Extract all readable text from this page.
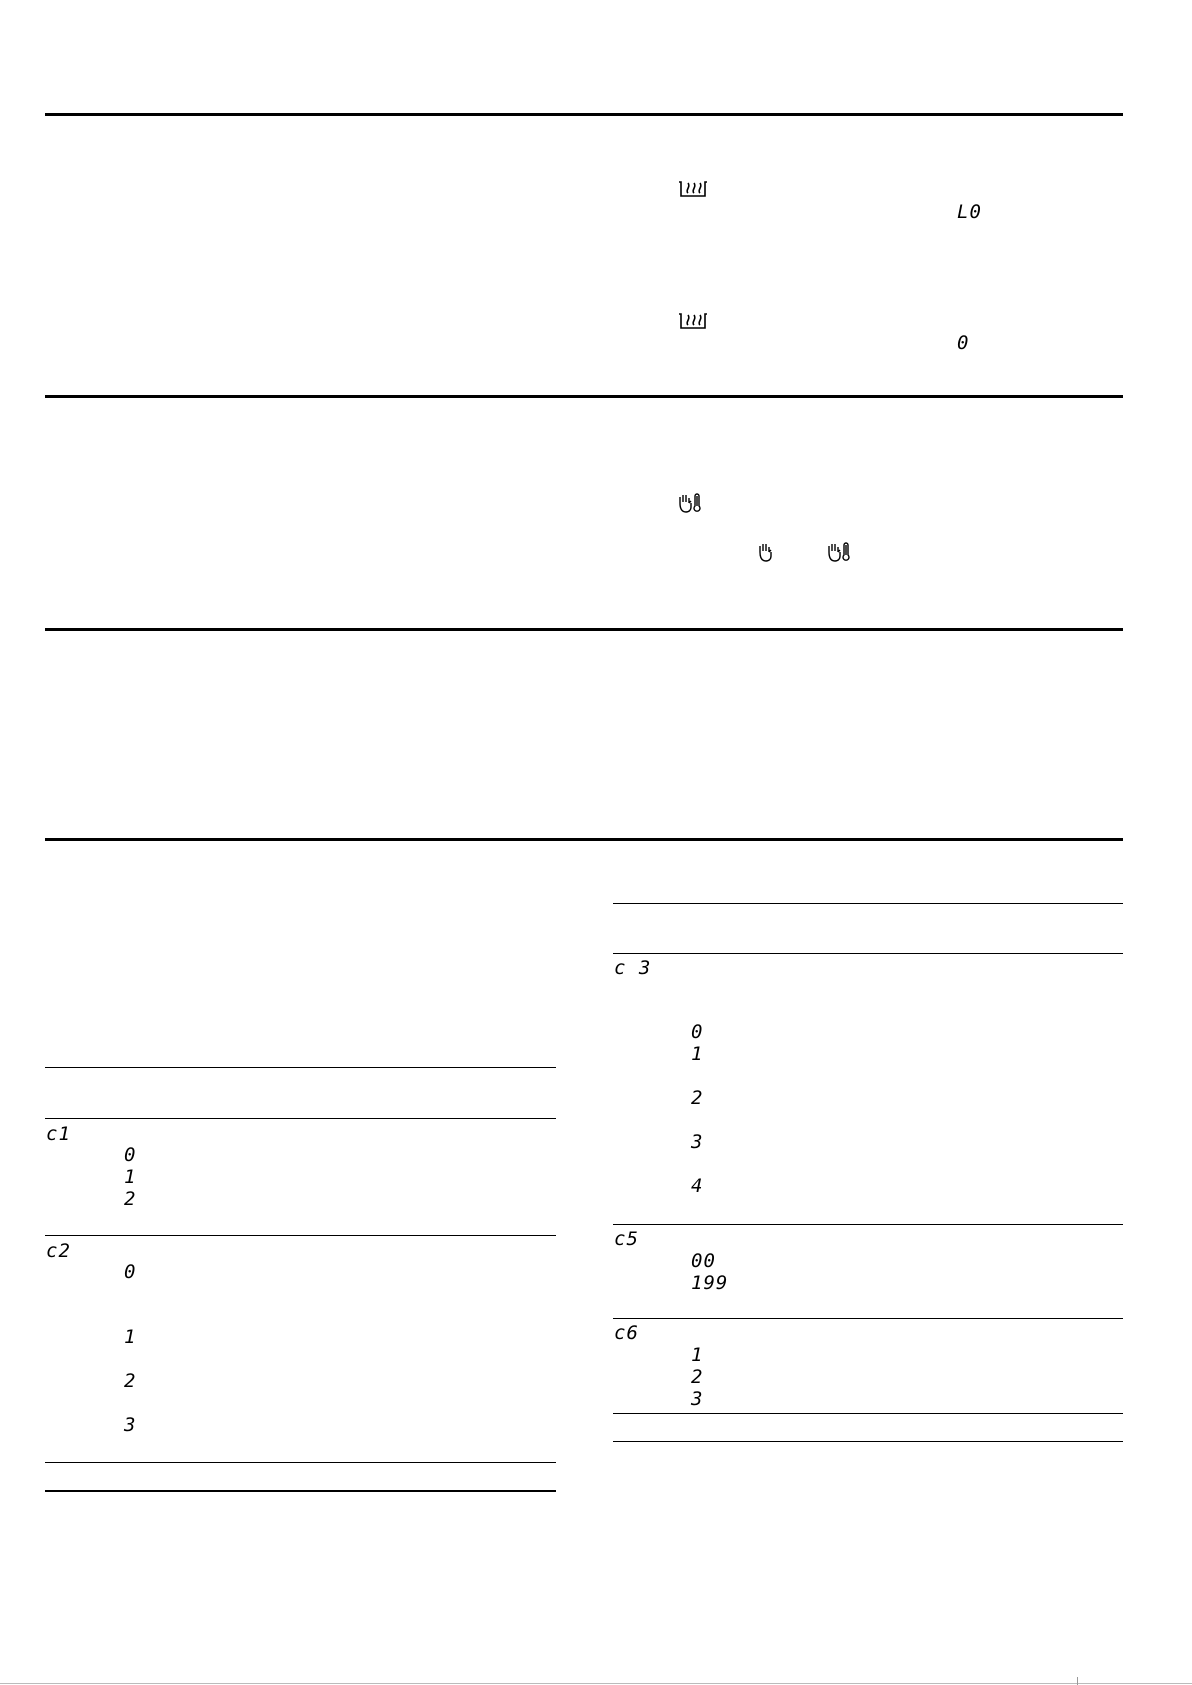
L0
0
c1
0
1
2
c2
0
1
2
3
c 3
0
1
2
3
4
c5
00
199
c6
1
2
3
